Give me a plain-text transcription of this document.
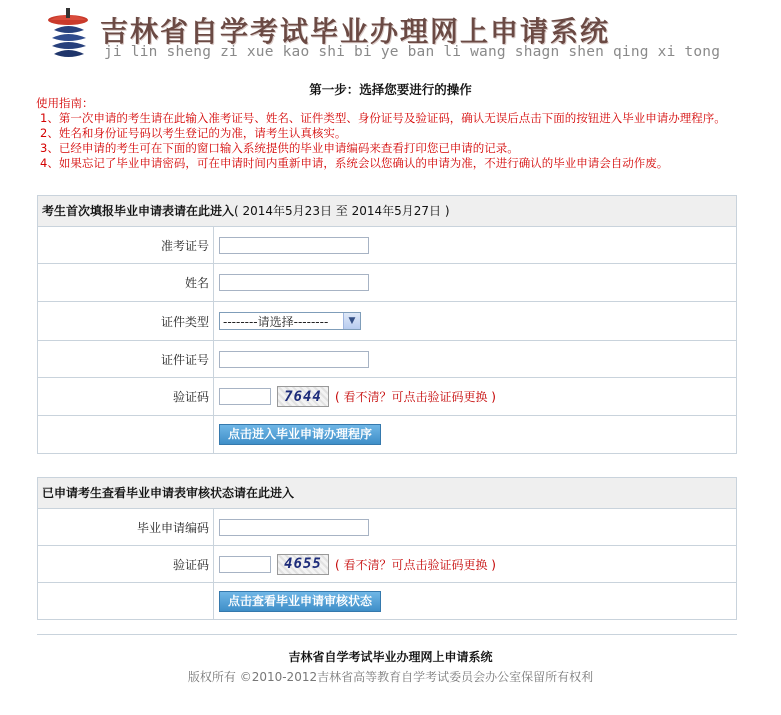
吉林省自学考试毕业办理网上申请系统
ji lin sheng zi xue kao shi bi ye ban li wang shagn shen qing xi tong
第一步：选择您要进行的操作

使用指南：

1、第一次申请的考生请在此输入准考证号、姓名、证件类型、身份证号及验证码，确认无误后点击下面的按钮进入毕业申请办理程序。

2、姓名和身份证号码以考生登记的为准，请考生认真核实。

3、已经申请的考生可在下面的窗口输入系统提供的毕业申请编码来查看打印您已申请的记录。

4、如果忘记了毕业申请密码，可在申请时间内重新申请，系统会以您确认的申请为准，不进行确认的毕业申请会自动作废。

考生首次填报毕业申请表请在此进入( 2014年5月23日 至 2014年5月27日 )
准考证号
姓名
证件类型	--------请选择--------	▼
证件证号
验证码	7644	( 看不清？可点击验证码更换 )
点击进入毕业申请办理程序
已申请考生查看毕业申请表审核状态请在此进入
毕业申请编码
验证码	4655	( 看不清？可点击验证码更换 )
点击查看毕业申请审核状态
吉林省自学考试毕业办理网上申请系统
版权所有 ©2010-2012吉林省高等教育自学考试委员会办公室保留所有权利
